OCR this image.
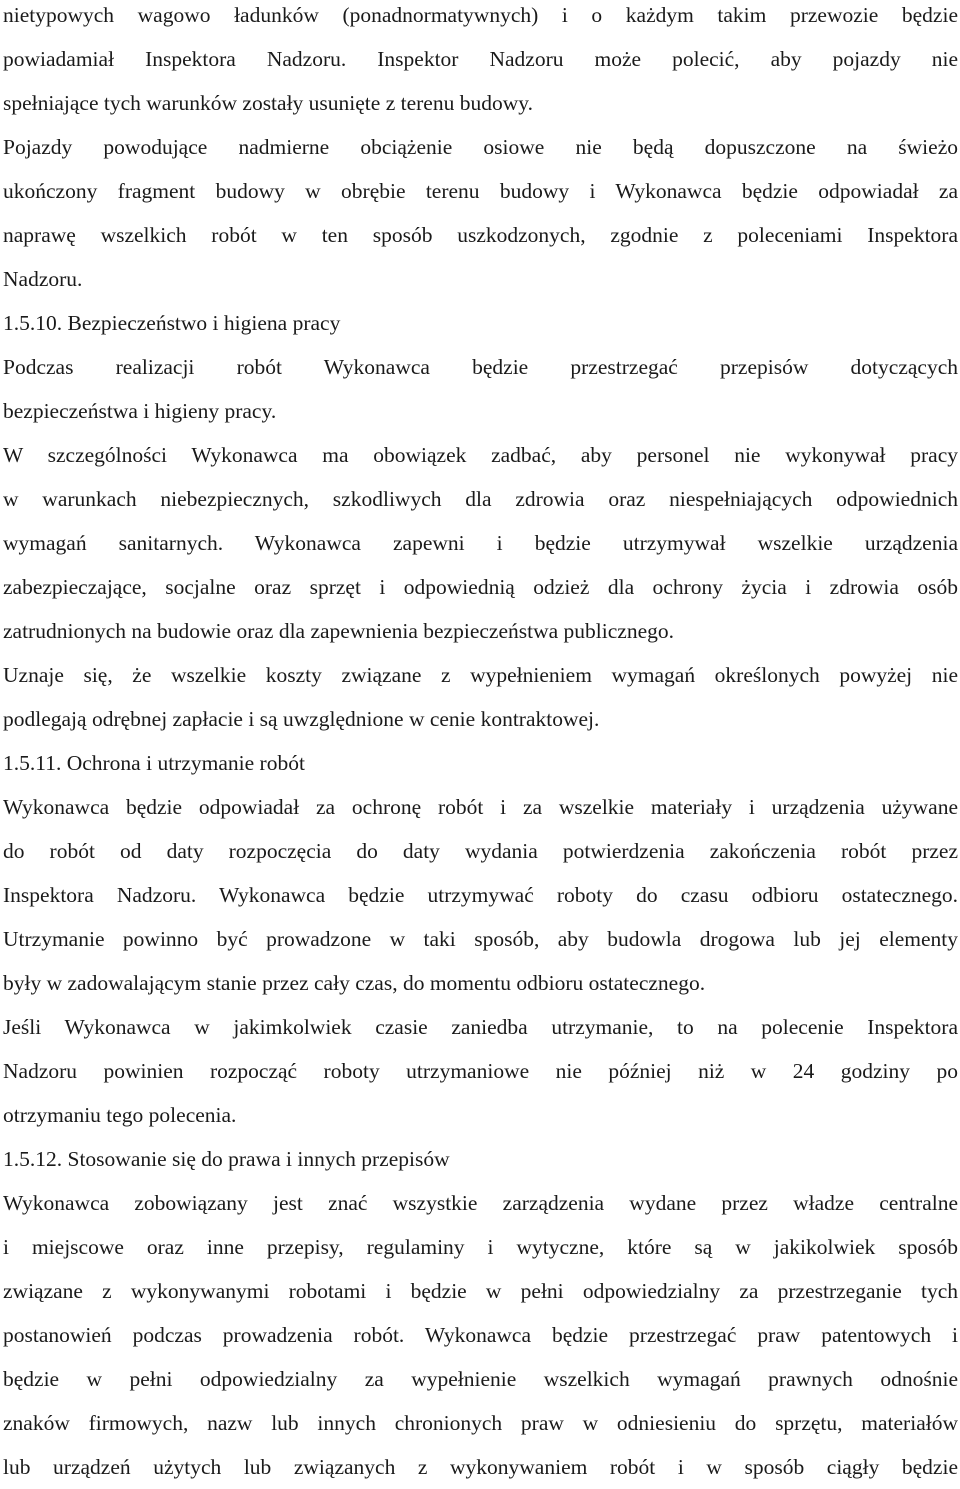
nietypowych wagowo ładunków (ponadnormatywnych) i o każdym takim przewozie będzie
powiadamiał Inspektora Nadzoru. Inspektor Nadzoru może polecić, aby pojazdy nie
spełniające tych warunków zostały usunięte z terenu budowy.
Pojazdy powodujące nadmierne obciążenie osiowe nie będą dopuszczone na świeżo
ukończony fragment budowy w obrębie terenu budowy i Wykonawca będzie odpowiadał za
naprawę wszelkich robót w ten sposób uszkodzonych, zgodnie z poleceniami Inspektora
Nadzoru.
1.5.10. Bezpieczeństwo i higiena pracy
Podczas realizacji robót Wykonawca będzie przestrzegać przepisów dotyczących
bezpieczeństwa i higieny pracy.
W szczególności Wykonawca ma obowiązek zadbać, aby personel nie wykonywał pracy
w warunkach niebezpiecznych, szkodliwych dla zdrowia oraz niespełniających odpowiednich
wymagań sanitarnych. Wykonawca zapewni i będzie utrzymywał wszelkie urządzenia
zabezpieczające, socjalne oraz sprzęt i odpowiednią odzież dla ochrony życia i zdrowia osób
zatrudnionych na budowie oraz dla zapewnienia bezpieczeństwa publicznego.
Uznaje się, że wszelkie koszty związane z wypełnieniem wymagań określonych powyżej nie
podlegają odrębnej zapłacie i są uwzględnione w cenie kontraktowej.
1.5.11. Ochrona i utrzymanie robót
Wykonawca będzie odpowiadał za ochronę robót i za wszelkie materiały i urządzenia używane
do robót od daty rozpoczęcia do daty wydania potwierdzenia zakończenia robót przez
Inspektora Nadzoru. Wykonawca będzie utrzymywać roboty do czasu odbioru ostatecznego.
Utrzymanie powinno być prowadzone w taki sposób, aby budowla drogowa lub jej elementy
były w zadowalającym stanie przez cały czas, do momentu odbioru ostatecznego.
Jeśli Wykonawca w jakimkolwiek czasie zaniedba utrzymanie, to na polecenie Inspektora
Nadzoru powinien rozpocząć roboty utrzymaniowe nie później niż w 24 godziny po
otrzymaniu tego polecenia.
1.5.12. Stosowanie się do prawa i innych przepisów
Wykonawca zobowiązany jest znać wszystkie zarządzenia wydane przez władze centralne
i miejscowe oraz inne przepisy, regulaminy i wytyczne, które są w jakikolwiek sposób
związane z wykonywanymi robotami i będzie w pełni odpowiedzialny za przestrzeganie tych
postanowień podczas prowadzenia robót. Wykonawca będzie przestrzegać praw patentowych i
będzie w pełni odpowiedzialny za wypełnienie wszelkich wymagań prawnych odnośnie
znaków firmowych, nazw lub innych chronionych praw w odniesieniu do sprzętu, materiałów
lub urządzeń użytych lub związanych z wykonywaniem robót i w sposób ciągły będzie
